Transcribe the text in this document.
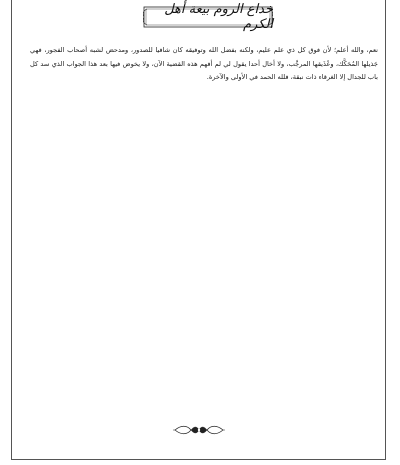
خداع الروم بيعة أهل الكرم

نعم، والله أعلم؛ لأن فوق كل ذي علم عليم، ولكنه بفضل الله وتوفيقه كان شافيا للصدور، ومدحض لشبه أصحاب الفجور، فهي جَذيلها المُحَكَّك، وعُذَيقها المرجَّب، ولا أخال أحدا يقول لي لم أفهم هذه القضية الآن، ولا يخوض فيها بعد هذا الجواب الذي سد كل باب للجدال إلا الغرقاء ذات نبقة، فلله الحمد في الأولى والآخرة.
